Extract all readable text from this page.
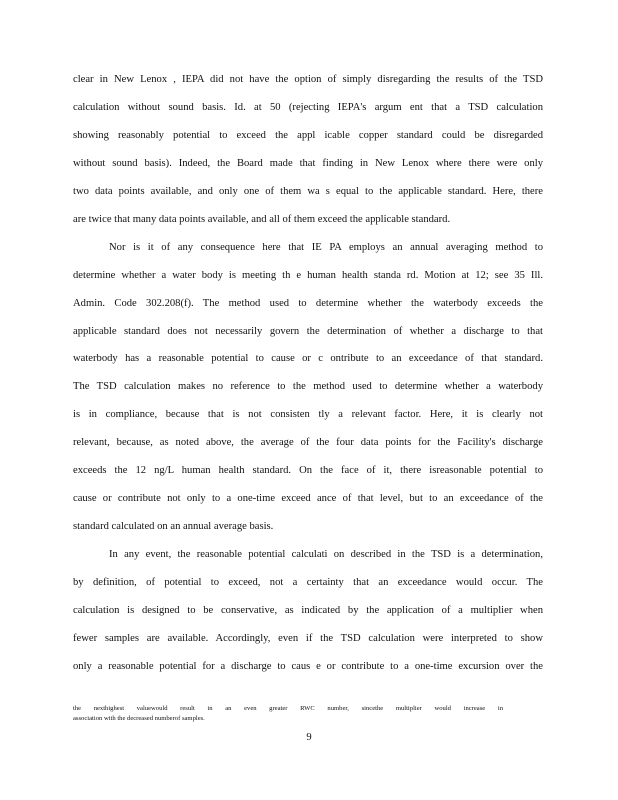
clear in New Lenox , IEPA did not have the option of simply disregarding the results of the TSD
calculation without sound basis. Id. at 50 (rejecting IEPA's argum ent that a TSD calculation
showing reasonably potential to exceed the appl icable copper standard could be disregarded
without sound basis). Indeed, the Board made that finding in New Lenox where there were only
two data points available, and only one of them wa s equal to the applicable standard. Here, there
are twice that many data points available, and all of them exceed the applicable standard.
Nor is it of any consequence here that IE PA employs an annual averaging method to
determine whether a water body is meeting th e human health standa rd. Motion at 12; see 35 Ill.
Admin. Code 302.208(f). The method used to determine whether the waterbody exceeds the
applicable standard does not necessarily govern the determination of whether a discharge to that
waterbody has a reasonable potential to cause or c ontribute to an exceedance of that standard.
The TSD calculation makes no reference to the method used to determine whether a waterbody
is in compliance, because that is not consisten tly a relevant factor. Here, it is clearly not
relevant, because, as noted above, the average of the four data points for the Facility's discharge
exceeds the 12 ng/L human health standard. On the face of it, there isreasonable potential to
cause or contribute not only to a one-time exceed ance of that level, but to an exceedance of the
standard calculated on an annual average basis.
In any event, the reasonable potential calculati on described in the TSD is a determination,
by definition, of potential to exceed, not a certainty that an exceedance would occur. The
calculation is designed to be conservative, as indicated by the application of a multiplier when
fewer samples are available. Accordingly, even if the TSD calculation were interpreted to show
only a reasonable potential for a discharge to caus e or contribute to a one-time excursion over the
the nexthighest valuewould result in an even greater RWC number, sincethe multiplier would increase in
association with the decreased numberof samples.
9
